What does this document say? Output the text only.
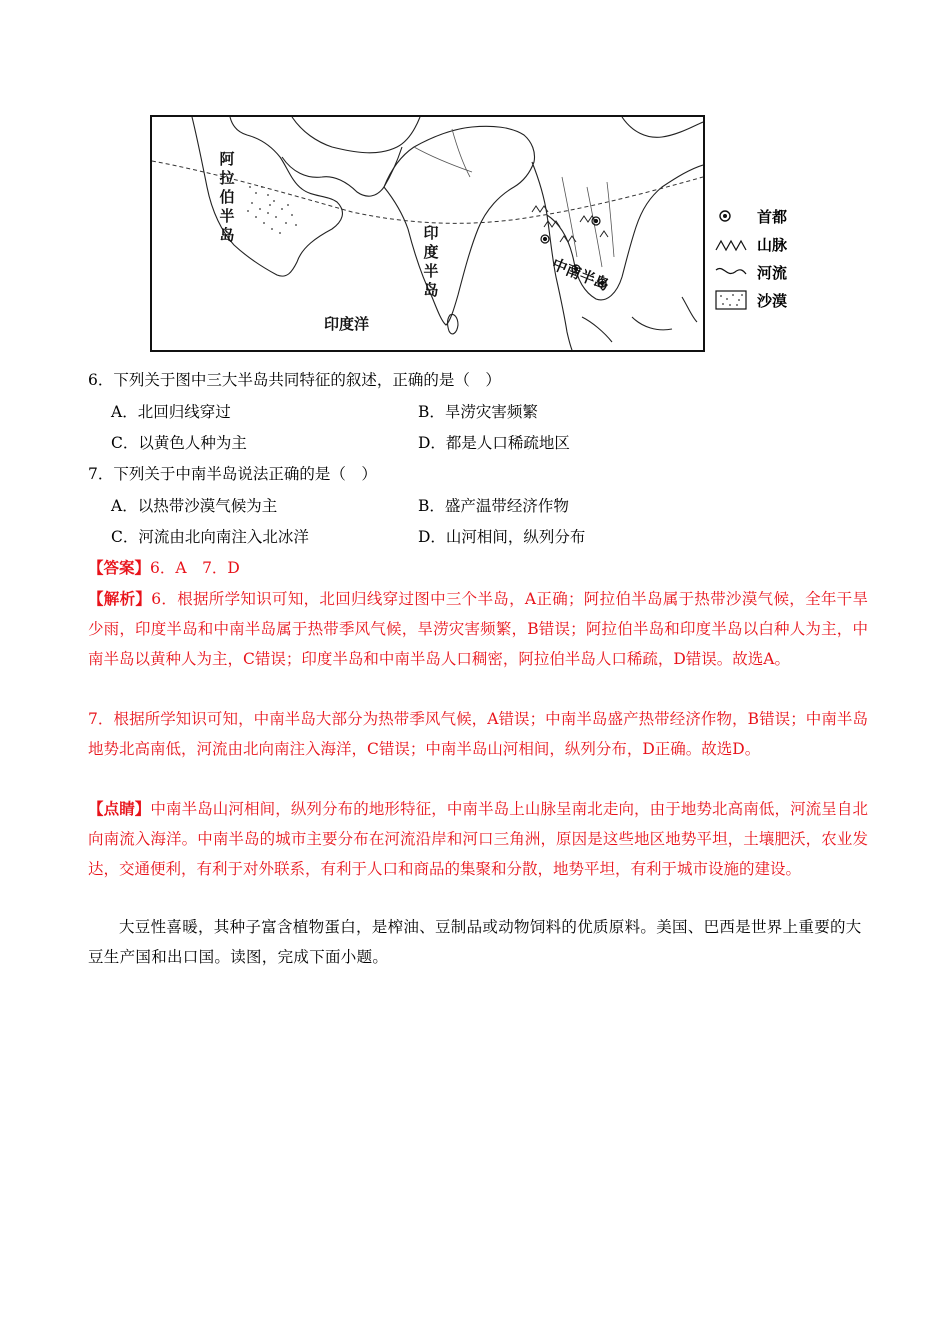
阿
拉
伯
半
岛	印
度
半
岛	中南半岛
印度洋
首都
山脉
河流
沙漠
6．下列关于图中三大半岛共同特征的叙述，正确的是（　）
A．北回归线穿过	B．旱涝灾害频繁
C．以黄色人种为主	D．都是人口稀疏地区
7．下列关于中南半岛说法正确的是（　）
A．以热带沙漠气候为主	B．盛产温带经济作物
C．河流由北向南注入北冰洋	D．山河相间，纵列分布
【答案】6．A　7．D
【解析】6．根据所学知识可知，北回归线穿过图中三个半岛，A正确；阿拉伯半岛属于热带沙漠气候，全年干旱少雨，印度半岛和中南半岛属于热带季风气候，旱涝灾害频繁，B错误；阿拉伯半岛和印度半岛以白种人为主，中南半岛以黄种人为主，C错误；印度半岛和中南半岛人口稠密，阿拉伯半岛人口稀疏，D错误。故选A。
7．根据所学知识可知，中南半岛大部分为热带季风气候，A错误；中南半岛盛产热带经济作物，B错误；中南半岛地势北高南低，河流由北向南注入海洋，C错误；中南半岛山河相间，纵列分布，D正确。故选D。
【点睛】中南半岛山河相间，纵列分布的地形特征，中南半岛上山脉呈南北走向，由于地势北高南低，河流呈自北向南流入海洋。中南半岛的城市主要分布在河流沿岸和河口三角洲，原因是这些地区地势平坦，土壤肥沃，农业发达，交通便利，有利于对外联系，有利于人口和商品的集聚和分散，地势平坦，有利于城市设施的建设。
大豆性喜暖，其种子富含植物蛋白，是榨油、豆制品或动物饲料的优质原料。美国、巴西是世界上重要的大豆生产国和出口国。读图，完成下面小题。
